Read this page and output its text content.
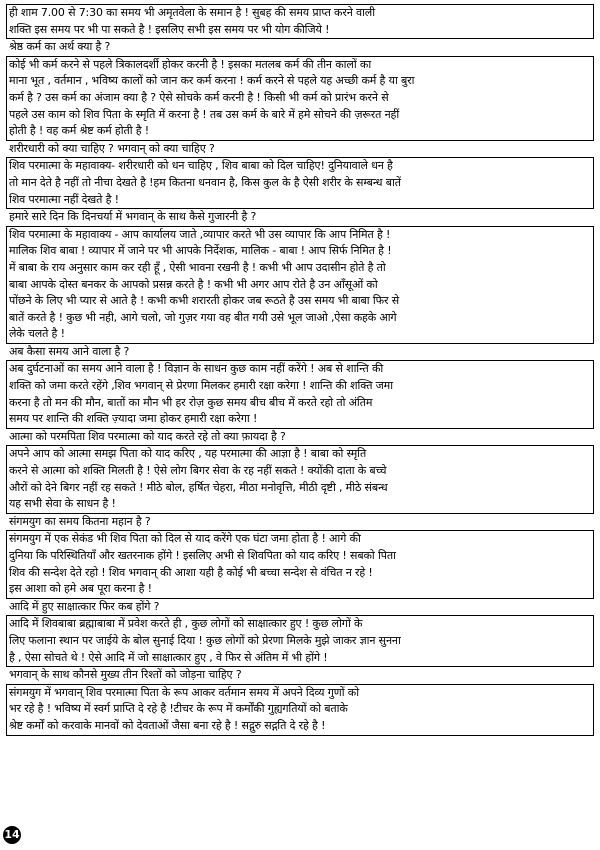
ही शाम 7.00 से 7:30 का समय भी अमृतवेला के समान है ! सुबह की समय प्राप्त करने वाली
शक्ति इस समय पर भी पा सकते है ! इसलिए सभी इस समय पर भी योग कीजिये !
श्रेष्ठ कर्म का अर्थ क्या है ?
कोई भी कर्म करने से पहले त्रिकालदर्शी होकर करनी है ! इसका मतलब कर्म की तीन कालों का
माना भूत , वर्तमान , भविष्य कालों को जान कर कर्म करना ! कर्म करने से पहले यह अच्छी कर्म है या बुरा
कर्म है ? उस कर्म का अंजाम क्या है ? ऐसे सोचके कर्म करनी है ! किसी भी कर्म को प्रारंभ करने से
पहले उस काम को शिव पिता के स्मृति में करना है ! तब उस कर्म के बारे में हमे सोचने की ज़रूरत नहीं
होती है ! वह कर्म श्रेष्ट कर्म होती है !
शरीरधारी को क्या चाहिए ? भगवान् को क्या चाहिए ?
शिव परमात्मा के महावाक्य- शरीरधारी को धन चाहिए , शिव बाबा को दिल चाहिए! दुनियावाले धन है
तो मान देते है नहीं तो नीचा देखते है !हम कितना धनवान है, किस कुल के है ऐसी शरीर के सम्बन्ध बातें
शिव परमात्मा नहीं देखते है !
हमारे सारे दिन कि दिनचर्या में भगवान् के साथ कैसे गुजारनी है ?
शिव परमात्मा के महावाक्य - आप कार्यालय जाते ,व्यापार करते भी उस व्यापार कि आप निमित है !
मालिक शिव बाबा ! व्यापार में जाने पर भी आपके निर्देशक, मालिक - बाबा ! आप सिर्फ निमित है !
में बाबा के राय अनुसार काम कर रही हूँ , ऐसी भावना रखनी है ! कभी भी आप उदासीन होते है तो
बाबा आपके दोस्त बनकर के आपको प्रसन्न करते है ! कभी भी अगर आप रोते है उन आँसूओं को
पोंछने के लिए भी प्यार से आते है ! कभी कभी शरारती होकर जब रूठते है उस समय भी बाबा फिर से
बातें करते है ! कुछ भी नही, आगे चलो, जो गुज़र गया वह बीत गयी उसे भूल जाओ ,ऐसा कहके आगे
लेके चलते है !
अब कैसा समय आने वाला है ?
अब दुर्घटनाओं का समय आने वाला है ! विज्ञान के साधन कुछ काम नहीं करेंगे ! अब से शान्ति की
शक्ति को जमा करते रहेंगे ,शिव भगवान् से प्रेरणा मिलकर हमारी रक्षा करेगा ! शान्ति की शक्ति जमा
करना है तो मन की मौन, बातों का मौन भी हर रोज़ कुछ समय बीच बीच में करते रहो तो अंतिम
समय पर शान्ति की शक्ति ज़्यादा जमा होकर हमारी रक्षा करेगा !
आत्मा को परमपिता शिव परमात्मा को याद करते रहे तो क्या फ़ायदा है ?
अपने आप को आत्मा समझ पिता को याद करिए , यह परमात्मा की आज्ञा है ! बाबा को स्मृति
करने से आत्मा को शक्ति मिलती है ! ऐसे लोग बिगर सेवा के रह नहीं सकते ! क्योंकी दाता के बच्चे
औरों को देने बिगर नहीं रह सकते ! मीठे बोल, हर्षित चेहरा, मीठा मनोवृत्ति, मीठी दृष्टी , मीठे संबन्ध
यह सभी सेवा के साधन है !
संगमयुग का समय कितना महान है ?
संगमयुग में एक सेकंड भी शिव पिता को दिल से याद करेंगे एक घंटा जमा होता है ! आगे की
दुनिया कि परिस्थितियाँ और खतरनाक होंगे ! इसलिए अभी से शिवपिता को याद करिए ! सबको पिता
शिव की सन्देश देते रहो ! शिव भगवान् की आशा यही है कोई भी बच्चा सन्देश से वंचित न रहे !
इस आशा को हमे अब पूरा करना है !
आदि में हुए साक्षात्कार फिर कब होंगे ?
आदि में शिवबाबा ब्रह्माबाबा में प्रवेश करते ही , कुछ लोगों को साक्षात्कार हुए ! कुछ लोगों के
लिए फलाना स्थान पर जाईये के बोल सुनाई दिया ! कुछ लोगों को प्रेरणा मिलके मुझे जाकर ज्ञान सुनना
है , ऐसा सोचते थे ! ऐसे आदि में जो साक्षात्कार हुए , वे फिर से अंतिम में भी होंगे !
भगवान् के साथ कौनसे मुख्य तीन रिश्तों को जोड़ना चाहिए ?
संगमयुग में भगवान् शिव परमात्मा पिता के रूप आकर वर्तमान समय में अपने दिव्य गुणों को
भर रहे है ! भविष्य में स्वर्ग प्राप्ति दे रहे है !टीचर के रूप में कर्मोंकी गुह्यगतियों को बताके
श्रेष्ट कर्मों को करवाके मानवों को देवताओं जैसा बना रहे है ! सद्गुरु सद्गति दे रहे है !
14
